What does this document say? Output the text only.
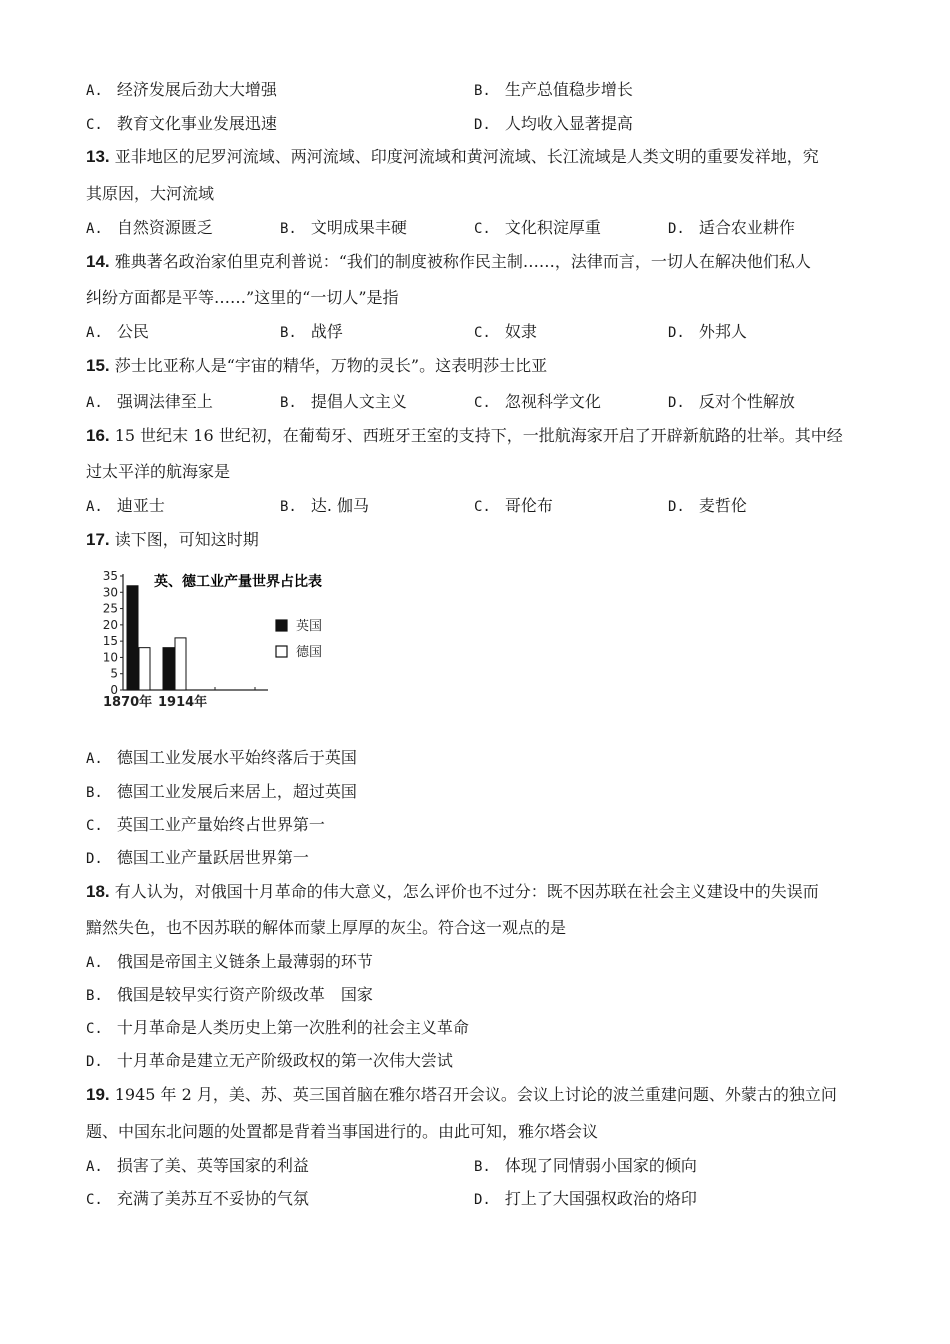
A. 经济发展后劲大大增强	B. 生产总值稳步增长
C. 教育文化事业发展迅速	D. 人均收入显著提高
13. 亚非地区的尼罗河流域、两河流域、印度河流域和黄河流域、长江流域是人类文明的重要发祥地，究
其原因，大河流域
A. 自然资源匮乏	B. 文明成果丰硬	C. 文化积淀厚重	D. 适合农业耕作
14. 雅典著名政治家伯里克利普说：“我们的制度被称作民主制……，法律而言，一切人在解决他们私人
纠纷方面都是平等……”这里的“一切人”是指
A. 公民	B. 战俘	C. 奴隶	D. 外邦人
15. 莎士比亚称人是“宇宙的精华，万物的灵长”。这表明莎士比亚
A. 强调法律至上	B. 提倡人文主义	C. 忽视科学文化	D. 反对个性解放
16. 15 世纪末 16 世纪初，在葡萄牙、西班牙王室的支持下，一批航海家开启了开辟新航路的壮举。其中经
过太平洋的航海家是
A. 迪亚士	B. 达. 伽马	C. 哥伦布	D. 麦哲伦
17. 读下图，可知这时期
英、德工业产量世界占比表
0
5
10
15
20
25
30
35
1870年 1914年
英国
德国
A. 德国工业发展水平始终落后于英国
B. 德国工业发展后来居上，超过英国
C. 英国工业产量始终占世界第一
D. 德国工业产量跃居世界第一
18. 有人认为，对俄国十月革命的伟大意义，怎么评价也不过分：既不因苏联在社会主义建设中的失误而
黯然失色，也不因苏联的解体而蒙上厚厚的灰尘。符合这一观点的是
A. 俄国是帝国主义链条上最薄弱的环节
B. 俄国是较早实行资产阶级改革　国家
C. 十月革命是人类历史上第一次胜利的社会主义革命
D. 十月革命是建立无产阶级政权的第一次伟大尝试
19. 1945 年 2 月，美、苏、英三国首脑在雅尔塔召开会议。会议上讨论的波兰重建问题、外蒙古的独立问
题、中国东北问题的处置都是背着当事国进行的。由此可知，雅尔塔会议
A. 损害了美、英等国家的利益	B. 体现了同情弱小国家的倾向
C. 充满了美苏互不妥协的气氛	D. 打上了大国强权政治的烙印
